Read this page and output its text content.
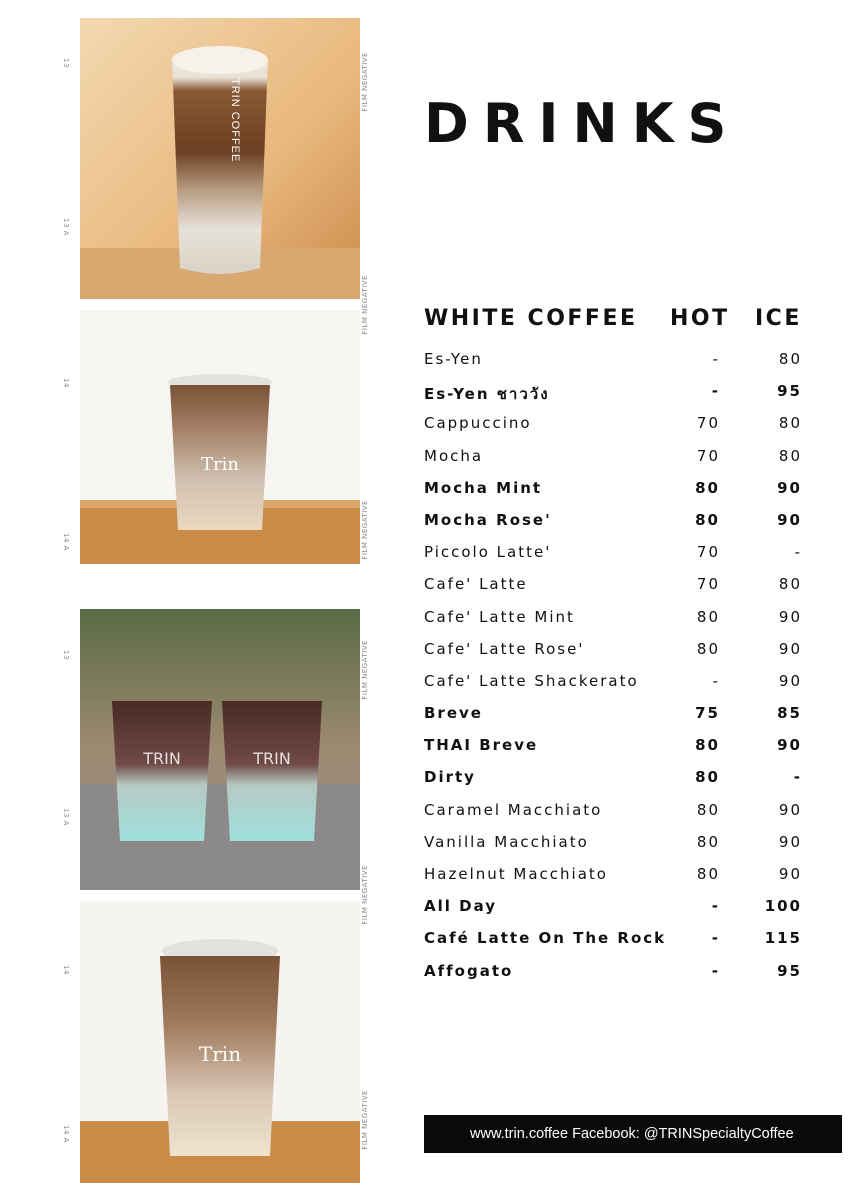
13
13 A
14
14 A
13
13 A
14
14 A
FILM NEGATIVE
FILM NEGATIVE
FILM NEGATIVE
FILM NEGATIVE
FILM NEGATIVE
FILM NEGATIVE
TRIN COFFEE
Trin
TRIN	TRIN
Trin
DRINKS
WHITE COFFEE HOT ICE
Es-Yen	-	80
Es-Yen ชาววัง	-	95
Cappuccino	70	80
Mocha	70	80
Mocha Mint	80	90
Mocha Rose'	80	90
Piccolo Latte'	70	-
Cafe' Latte	70	80
Cafe' Latte Mint	80	90
Cafe' Latte Rose'	80	90
Cafe' Latte Shackerato	-	90
Breve	75	85
THAI Breve	80	90
Dirty	80	-
Caramel Macchiato	80	90
Vanilla Macchiato	80	90
Hazelnut Macchiato	80	90
All Day	-	100
Café Latte On The Rock	-	115
Affogato	-	95
www.trin.coffee Facebook: @TRINSpecialtyCoffee
